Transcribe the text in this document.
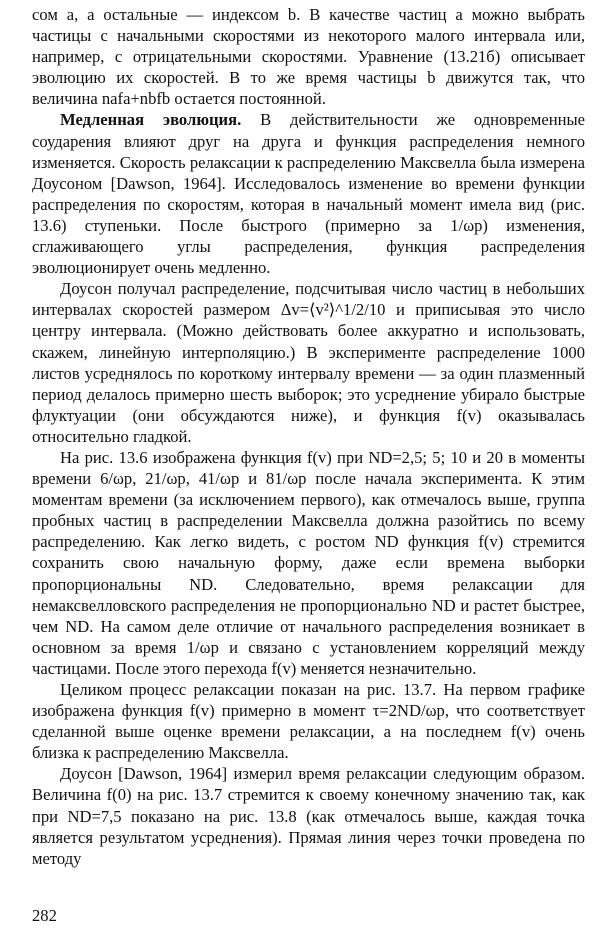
сом a, а остальные — индексом b. В качестве частиц a можно выбрать частицы с начальными скоростями из некоторого малого интервала или, например, с отрицательными скоростями. Уравнение (13.21б) описывает эволюцию их скоростей. В то же время частицы b движутся так, что величина nafa+nbfb остается постоянной.

Медленная эволюция. В действительности же одновременные соударения влияют друг на друга и функция распределения немного изменяется. Скорость релаксации к распределению Максвелла была измерена Доусоном [Dawson, 1964]. Исследовалось изменение во времени функции распределения по скоростям, которая в начальный момент имела вид (рис. 13.6) ступеньки. После быстрого (примерно за 1/ωp) изменения, сглаживающего углы распределения, функция распределения эволюционирует очень медленно.

Доусон получал распределение, подсчитывая число частиц в небольших интервалах скоростей размером Δv=⟨v²⟩^1/2/10 и приписывая это число центру интервала. (Можно действовать более аккуратно и использовать, скажем, линейную интерполяцию.) В эксперименте распределение 1000 листов усреднялось по короткому интервалу времени — за один плазменный период делалось примерно шесть выборок; это усреднение убирало быстрые флуктуации (они обсуждаются ниже), и функция f(v) оказывалась относительно гладкой.

На рис. 13.6 изображена функция f(v) при ND=2,5; 5; 10 и 20 в моменты времени 6/ωp, 21/ωp, 41/ωp и 81/ωp после начала эксперимента. К этим моментам времени (за исключением первого), как отмечалось выше, группа пробных частиц в распределении Максвелла должна разойтись по всему распределению. Как легко видеть, с ростом ND функция f(v) стремится сохранить свою начальную форму, даже если времена выборки пропорциональны ND. Следовательно, время релаксации для немаксвелловского распределения не пропорционально ND и растет быстрее, чем ND. На самом деле отличие от начального распределения возникает в основном за время 1/ωp и связано с установлением корреляций между частицами. После этого перехода f(v) меняется незначительно.

Целиком процесс релаксации показан на рис. 13.7. На первом графике изображена функция f(v) примерно в момент τ=2ND/ωp, что соответствует сделанной выше оценке времени релаксации, а на последнем f(v) очень близка к распределению Максвелла.

Доусон [Dawson, 1964] измерил время релаксации следующим образом. Величина f(0) на рис. 13.7 стремится к своему конечному значению так, как при ND=7,5 показано на рис. 13.8 (как отмечалось выше, каждая точка является результатом усреднения). Прямая линия через точки проведена по методу

282
